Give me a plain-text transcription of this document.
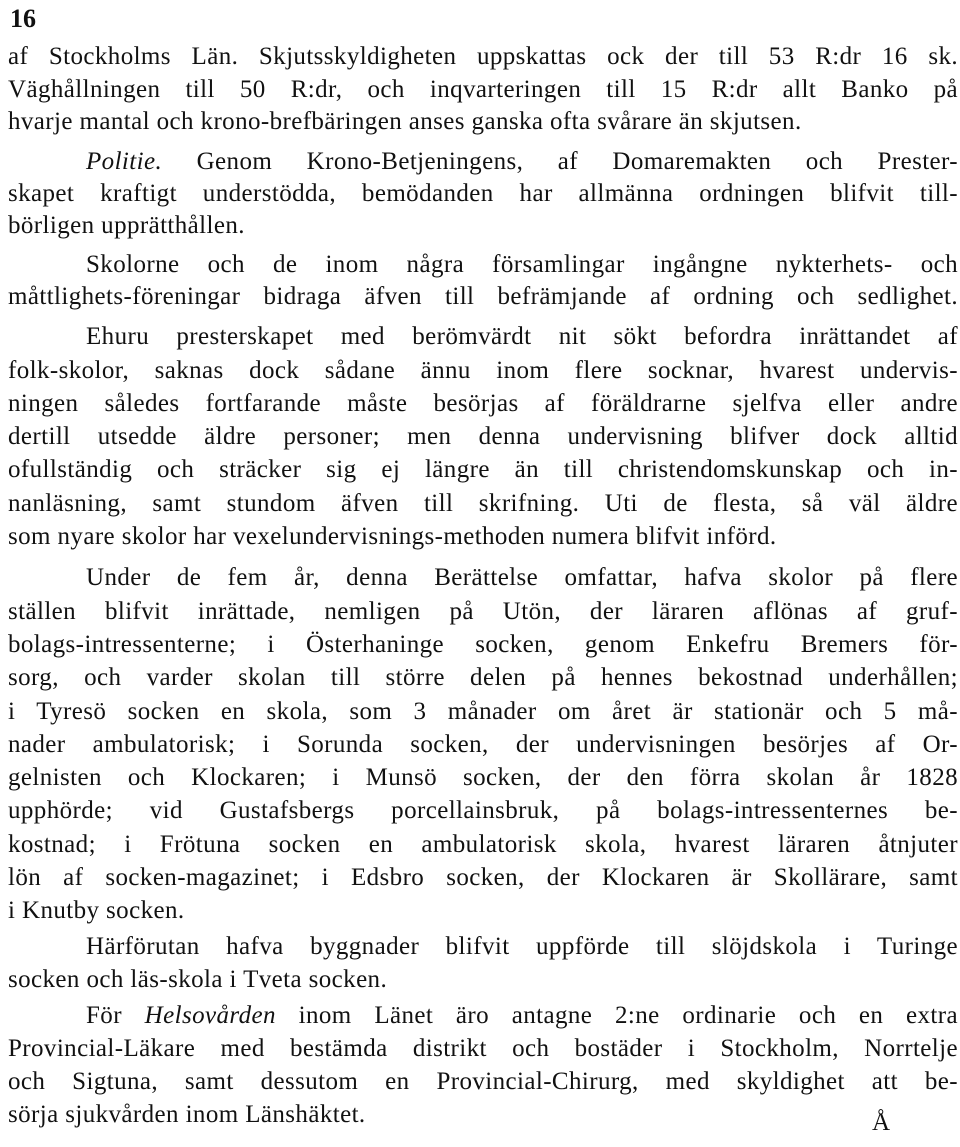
16
af Stockholms Län. Skjutsskyldigheten uppskattas ock der till 53 R:dr 16 sk.
Väghållningen till 50 R:dr, och inqvarteringen till 15 R:dr allt Banko på
hvarje mantal och krono-brefbäringen anses ganska ofta svårare än skjutsen.
Politie. Genom Krono-Betjeningens, af Domaremakten och Prester-
skapet kraftigt understödda, bemödanden har allmänna ordningen blifvit till-
börligen upprätthållen.
Skolorne och de inom några församlingar ingångne nykterhets- och
måttlighets-föreningar bidraga äfven till befrämjande af ordning och sedlighet.
Ehuru presterskapet med berömvärdt nit sökt befordra inrättandet af
folk-skolor, saknas dock sådane ännu inom flere socknar, hvarest undervis-
ningen således fortfarande måste besörjas af föräldrarne sjelfva eller andre
dertill utsedde äldre personer; men denna undervisning blifver dock alltid
ofullständig och sträcker sig ej längre än till christendomskunskap och in-
nanläsning, samt stundom äfven till skrifning. Uti de flesta, så väl äldre
som nyare skolor har vexelundervisnings-methoden numera blifvit införd.
Under de fem år, denna Berättelse omfattar, hafva skolor på flere
ställen blifvit inrättade, nemligen på Utön, der läraren aflönas af gruf-
bolags-intressenterne; i Österhaninge socken, genom Enkefru Bremers för-
sorg, och varder skolan till större delen på hennes bekostnad underhållen;
i Tyresö socken en skola, som 3 månader om året är stationär och 5 må-
nader ambulatorisk; i Sorunda socken, der undervisningen besörjes af Or-
gelnisten och Klockaren; i Munsö socken, der den förra skolan år 1828
upphörde; vid Gustafsbergs porcellainsbruk, på bolags-intressenternes be-
kostnad; i Frötuna socken en ambulatorisk skola, hvarest läraren åtnjuter
lön af socken-magazinet; i Edsbro socken, der Klockaren är Skollärare, samt
i Knutby socken.
Härförutan hafva byggnader blifvit uppförde till slöjdskola i Turinge
socken och läs-skola i Tveta socken.
För Helsovården inom Länet äro antagne 2:ne ordinarie och en extra
Provincial-Läkare med bestämda distrikt och bostäder i Stockholm, Norrtelje
och Sigtuna, samt dessutom en Provincial-Chirurg, med skyldighet att be-
sörja sjukvården inom Länshäktet.	Å
